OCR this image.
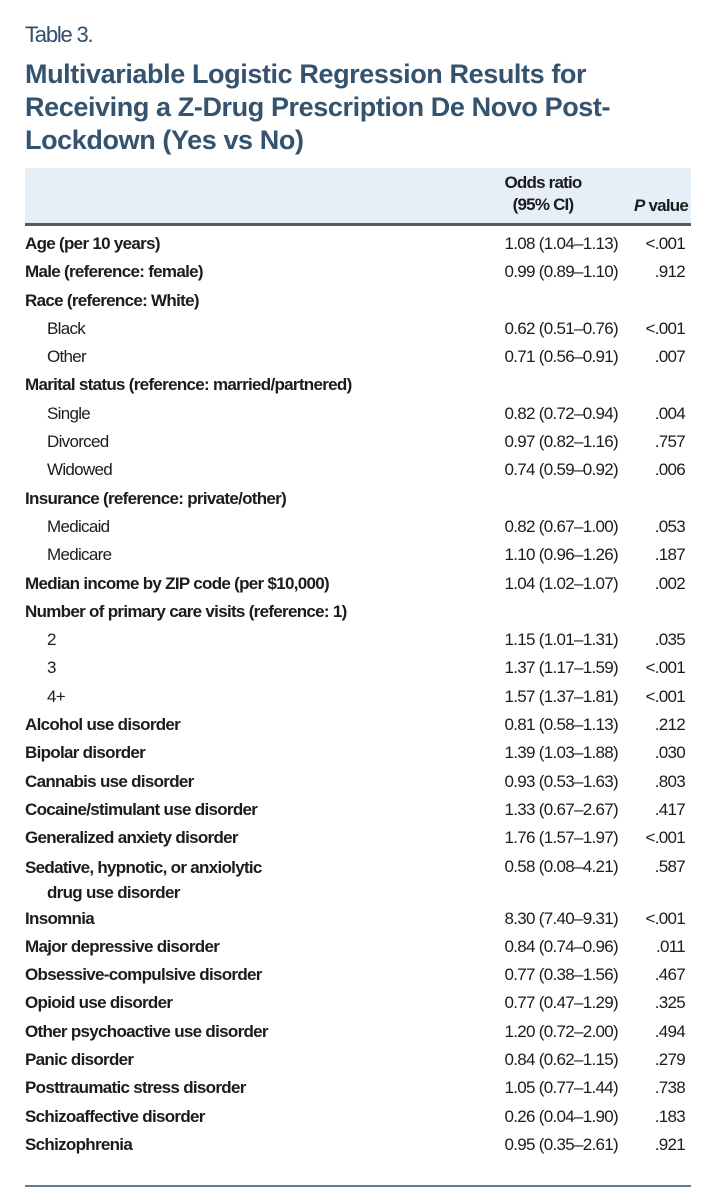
Table 3.
Multivariable Logistic Regression Results for Receiving a Z-Drug Prescription De Novo Post-Lockdown (Yes vs No)
Odds ratio
(95% CI)	P value
Age (per 10 years)	1.08 (1.04–1.13) <.001
Male (reference: female)	0.99 (0.89–1.10) .912
Race (reference: White)
Black	0.62 (0.51–0.76) <.001
Other	0.71 (0.56–0.91) .007
Marital status (reference: married/partnered)
Single	0.82 (0.72–0.94) .004
Divorced	0.97 (0.82–1.16) .757
Widowed	0.74 (0.59–0.92) .006
Insurance (reference: private/other)
Medicaid	0.82 (0.67–1.00) .053
Medicare	1.10 (0.96–1.26) .187
Median income by ZIP code (per $10,000)	1.04 (1.02–1.07) .002
Number of primary care visits (reference: 1)
2	1.15 (1.01–1.31) .035
3	1.37 (1.17–1.59) <.001
4+	1.57 (1.37–1.81) <.001
Alcohol use disorder	0.81 (0.58–1.13) .212
Bipolar disorder	1.39 (1.03–1.88) .030
Cannabis use disorder	0.93 (0.53–1.63) .803
Cocaine/stimulant use disorder	1.33 (0.67–2.67) .417
Generalized anxiety disorder	1.76 (1.57–1.97) <.001
Sedative, hypnotic, or anxiolytic
drug use disorder
0.58 (0.08–4.21) .587
Insomnia	8.30 (7.40–9.31) <.001
Major depressive disorder	0.84 (0.74–0.96) .011
Obsessive-compulsive disorder	0.77 (0.38–1.56) .467
Opioid use disorder	0.77 (0.47–1.29) .325
Other psychoactive use disorder	1.20 (0.72–2.00) .494
Panic disorder	0.84 (0.62–1.15) .279
Posttraumatic stress disorder	1.05 (0.77–1.44) .738
Schizoaffective disorder	0.26 (0.04–1.90) .183
Schizophrenia	0.95 (0.35–2.61) .921
